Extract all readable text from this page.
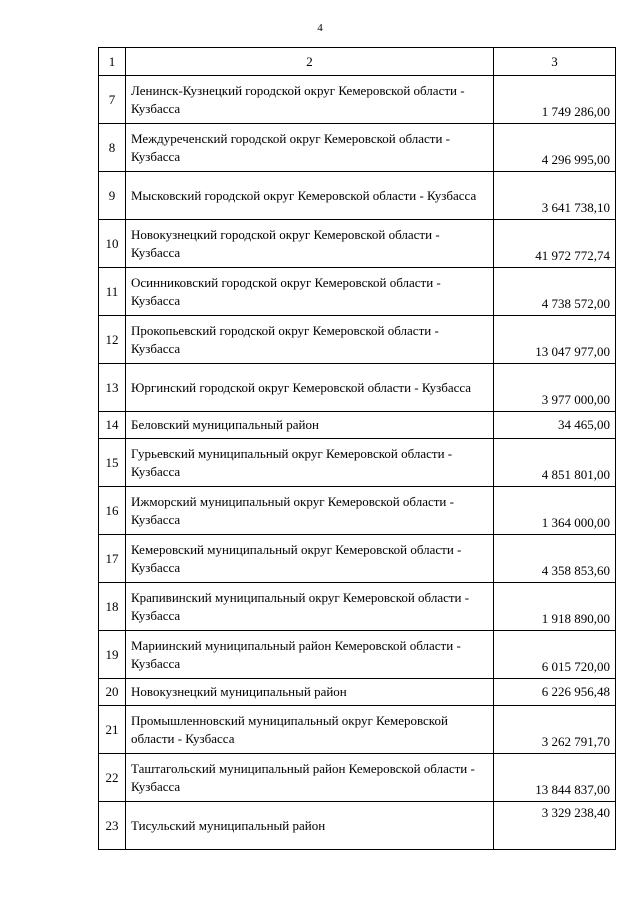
4
1	2	3
7	Ленинск-Кузнецкий городской округ Кемеровской области - Кузбасса	1 749 286,00
8	Междуреченский городской округ Кемеровской области - Кузбасса	4 296 995,00
9	Мысковский городской округ Кемеровской области - Кузбасса	3 641 738,10
10	Новокузнецкий городской округ Кемеровской области - Кузбасса	41 972 772,74
11	Осинниковский городской округ Кемеровской области - Кузбасса	4 738 572,00
12	Прокопьевский городской округ Кемеровской области - Кузбасса	13 047 977,00
13	Юргинский городской округ Кемеровской области - Кузбасса	3 977 000,00
14	Беловский муниципальный район	34 465,00
15	Гурьевский муниципальный округ Кемеровской области - Кузбасса	4 851 801,00
16	Ижморский муниципальный округ Кемеровской области - Кузбасса	1 364 000,00
17	Кемеровский муниципальный округ Кемеровской области - Кузбасса	4 358 853,60
18	Крапивинский муниципальный округ Кемеровской области - Кузбасса	1 918 890,00
19	Мариинский муниципальный район Кемеровской области - Кузбасса	6 015 720,00
20	Новокузнецкий муниципальный район	6 226 956,48
21	Промышленновский муниципальный округ Кемеровской области - Кузбасса	3 262 791,70
22	Таштагольский муниципальный район Кемеровской области - Кузбасса	13 844 837,00
23	Тисульский муниципальный район	3 329 238,40
